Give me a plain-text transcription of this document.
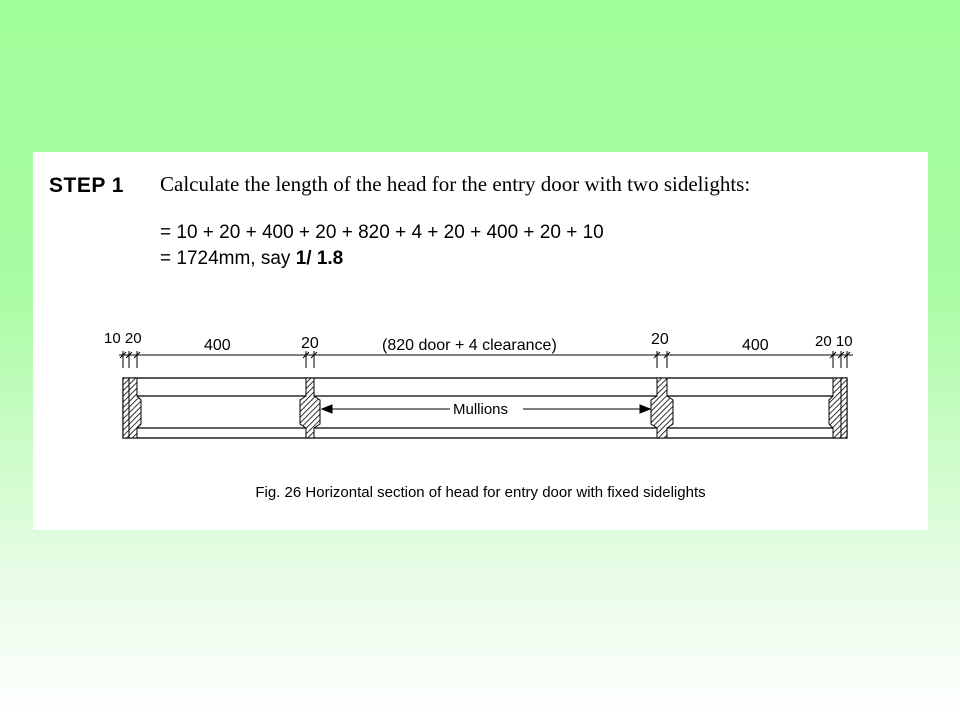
STEP 1 Calculate the length of the head for the entry door with two sidelights:
= 10 + 20 + 400 + 20 + 820 + 4 + 20 + 400 + 20 + 10
= 1724mm, say 1/ 1.8
10 20	400	20	(820 door + 4 clearance)	20	400	20 10
Mullions
Fig. 26 Horizontal section of head for entry door with fixed sidelights
